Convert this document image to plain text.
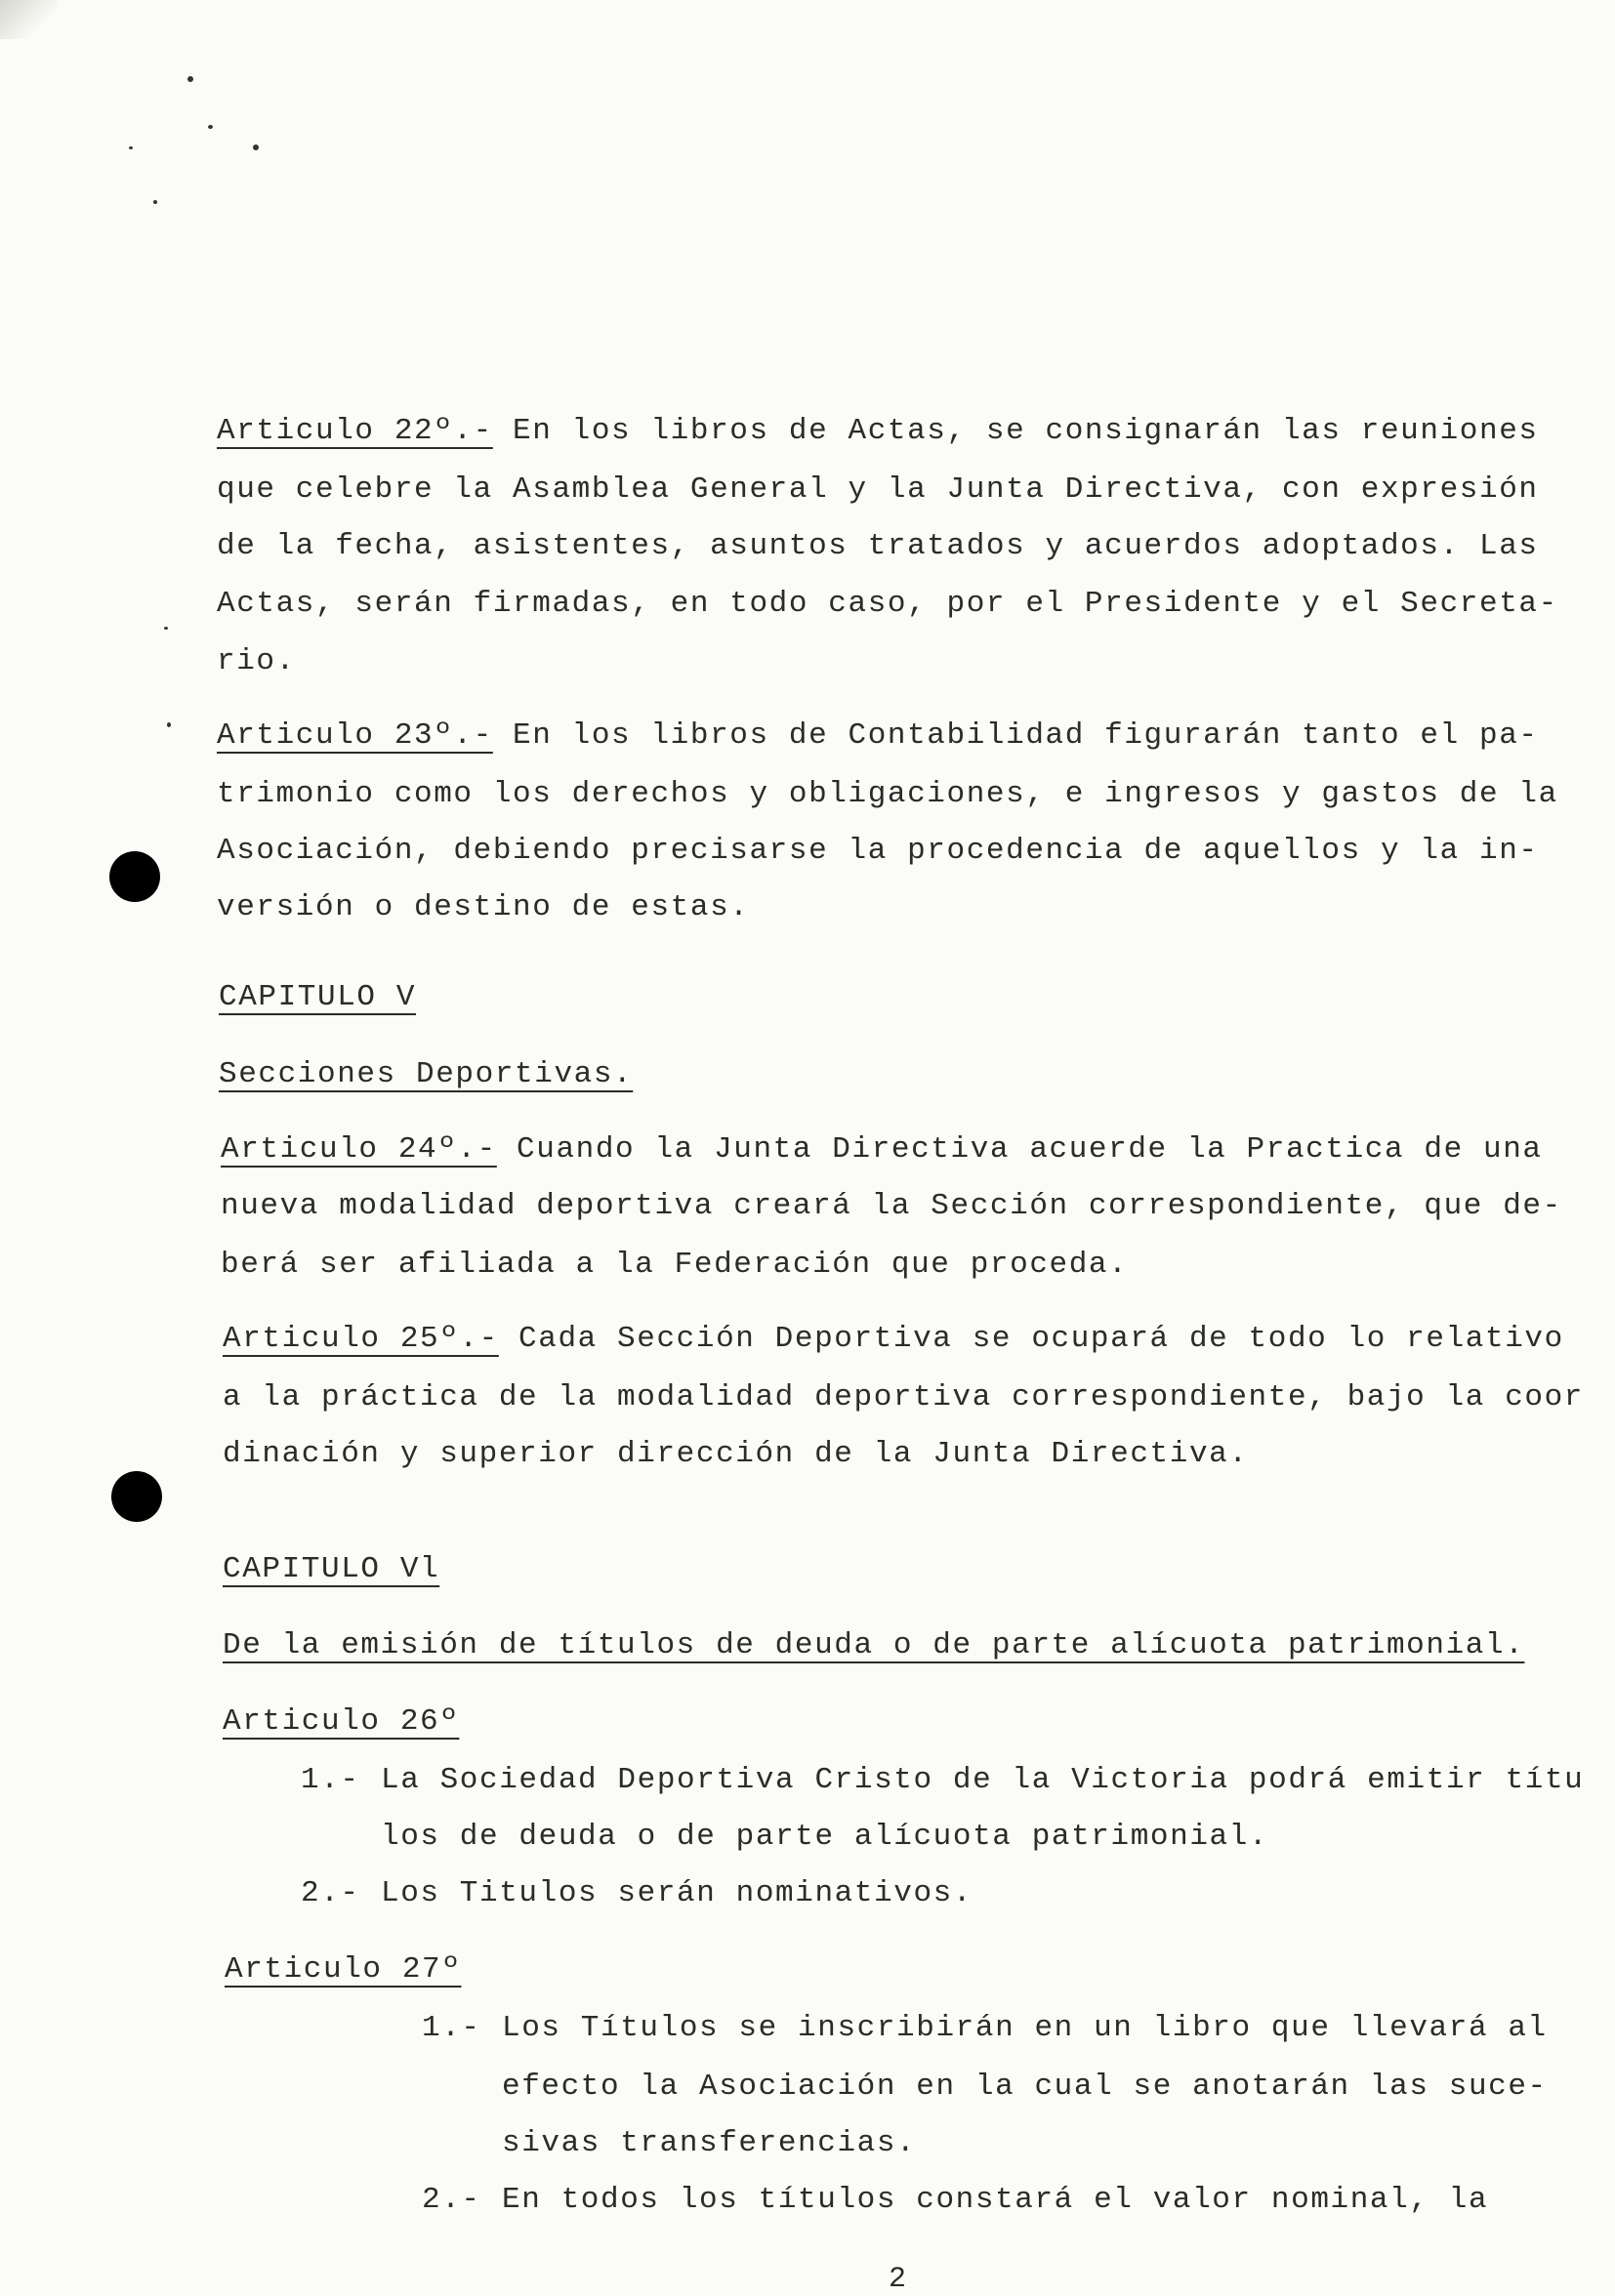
Articulo 22º.- En los libros de Actas, se consignarán las reuniones
que celebre la Asamblea General y la Junta Directiva, con expresión
de la fecha, asistentes, asuntos tratados y acuerdos adoptados. Las
Actas, serán firmadas, en todo caso, por el Presidente y el Secreta-
rio.
Articulo 23º.- En los libros de Contabilidad figurarán tanto el pa-
trimonio como los derechos y obligaciones, e ingresos y gastos de la
Asociación, debiendo precisarse la procedencia de aquellos y la in-
versión o destino de estas.
CAPITULO V
Secciones Deportivas.
Articulo 24º.- Cuando la Junta Directiva acuerde la Practica de una
nueva modalidad deportiva creará la Sección correspondiente, que de-
berá ser afiliada a la Federación que proceda.
Articulo 25º.- Cada Sección Deportiva se ocupará de todo lo relativo
a la práctica de la modalidad deportiva correspondiente, bajo la coor
dinación y superior dirección de la Junta Directiva.
CAPITULO Vl
De la emisión de títulos de deuda o de parte alícuota patrimonial.
Articulo 26º
1.- La Sociedad Deportiva Cristo de la Victoria podrá emitir títu
los de deuda o de parte alícuota patrimonial.
2.- Los Titulos serán nominativos.
Articulo 27º
1.- Los Títulos se inscribirán en un libro que llevará al
efecto la Asociación en la cual se anotarán las suce-
sivas transferencias.
2.- En todos los títulos constará el valor nominal, la
2
